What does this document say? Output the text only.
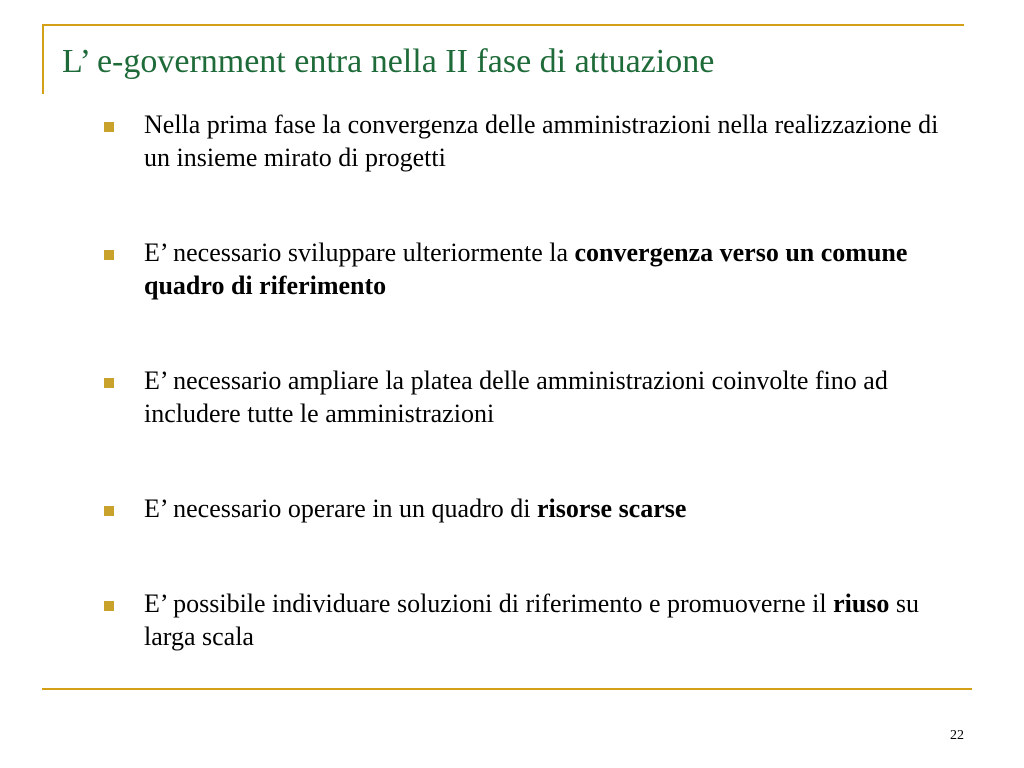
L’ e-government entra nella II fase di attuazione
Nella prima fase la convergenza delle amministrazioni nella realizzazione di un insieme mirato di progetti
E’ necessario sviluppare ulteriormente la convergenza verso un comune quadro di riferimento
E’ necessario ampliare la platea delle amministrazioni coinvolte fino ad includere tutte le amministrazioni
E’ necessario operare in un quadro di risorse scarse
E’ possibile individuare soluzioni di riferimento e promuoverne il riuso su larga scala
22
